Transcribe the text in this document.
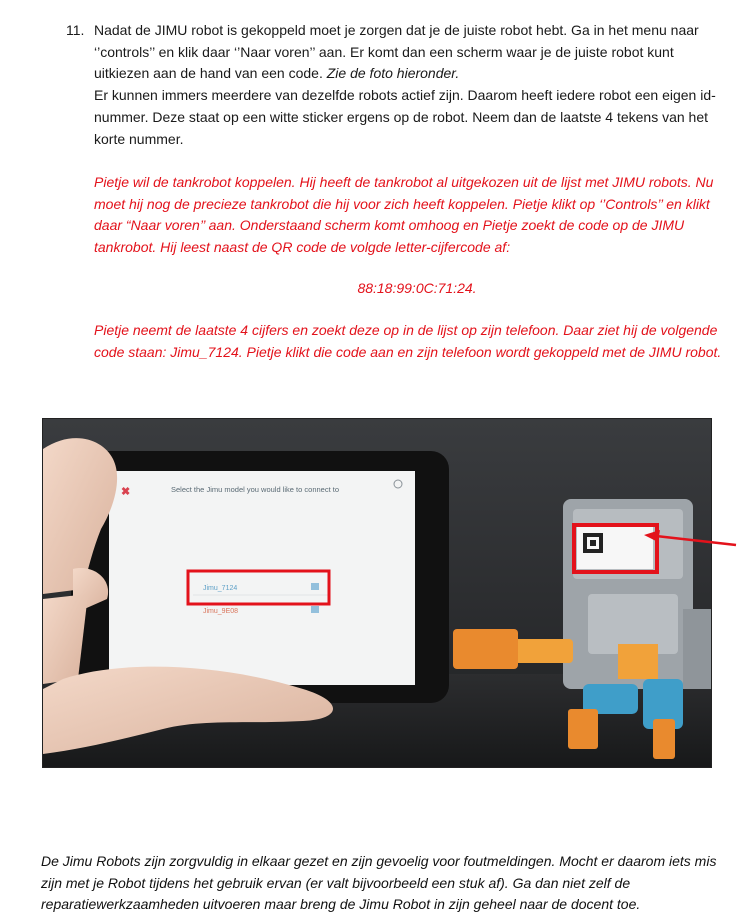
11. Nadat de JIMU robot is gekoppeld moet je zorgen dat je de juiste robot hebt. Ga in het menu naar ‘’controls’’ en klik daar ‘’Naar voren’’ aan. Er komt dan een scherm waar je de juiste robot kunt uitkiezen aan de hand van een code. Zie de foto hieronder.
Er kunnen immers meerdere van dezelfde robots actief zijn. Daarom heeft iedere robot een eigen id-nummer. Deze staat op een witte sticker ergens op de robot. Neem dan de laatste 4 tekens van het korte nummer.

Pietje wil de tankrobot koppelen. Hij heeft de tankrobot al uitgekozen uit de lijst met JIMU robots. Nu moet hij nog de precieze tankrobot die hij voor zich heeft koppelen. Pietje klikt op ‘’Controls’’ en klikt daar “Naar voren’’ aan. Onderstaand scherm komt omhoog en Pietje zoekt de code op de JIMU tankrobot. Hij leest naast de QR code de volgde letter-cijfercode af:

88:18:99:0C:71:24.

Pietje neemt de laatste 4 cijfers en zoekt deze op in de lijst op zijn telefoon. Daar ziet hij de volgende code staan: Jimu_7124. Pietje klikt die code aan en zijn telefoon wordt gekoppeld met de JIMU robot.

Select the Jimu model you would like to connect to
✖
Jimu_7124
Jimu_9E08

De Jimu Robots zijn zorgvuldig in elkaar gezet en zijn gevoelig voor foutmeldingen. Mocht er daarom iets mis zijn met je Robot tijdens het gebruik ervan (er valt bijvoorbeeld een stuk af). Ga dan niet zelf de reparatiewerkzaamheden uitvoeren maar breng de Jimu Robot in zijn geheel naar de docent toe.
